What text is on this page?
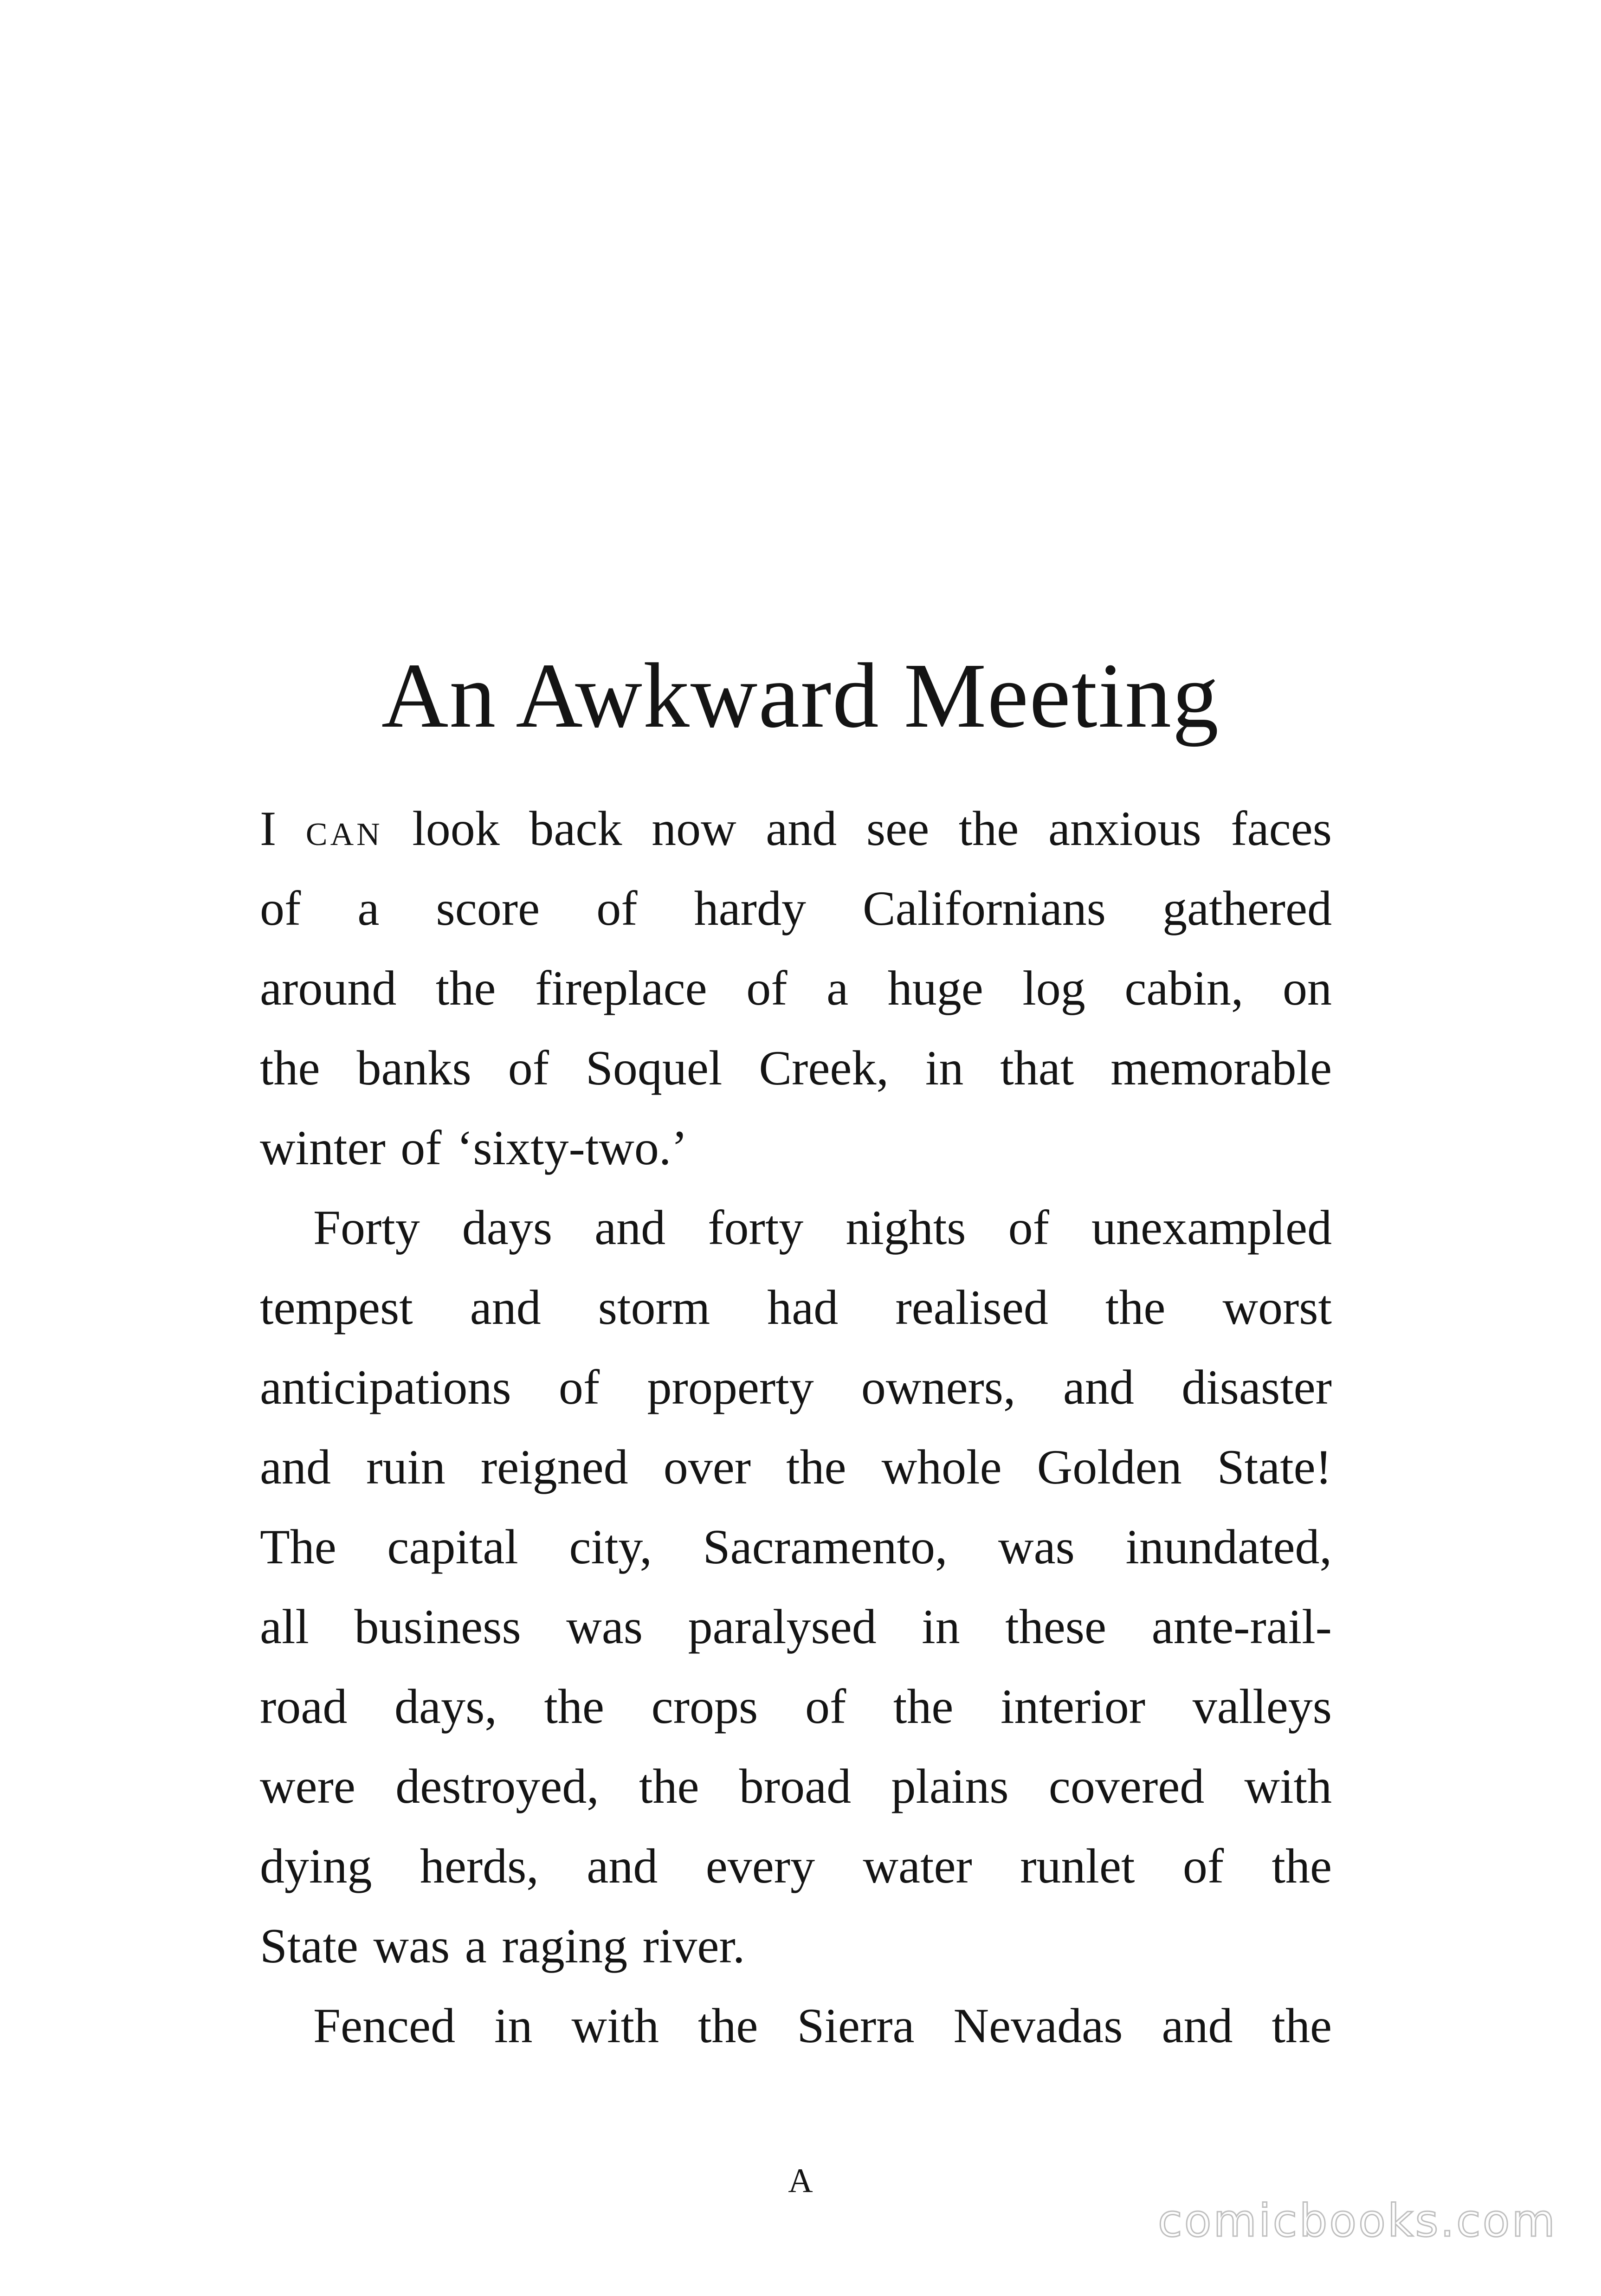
An Awkward Meeting
I CAN look back now and see the anxious faces
of a score of hardy Californians gathered
around the fireplace of a huge log cabin, on
the banks of Soquel Creek, in that memorable
winter of ‘sixty-two.’
Forty days and forty nights of unexampled
tempest and storm had realised the worst
anticipations of property owners, and disaster
and ruin reigned over the whole Golden State!
The capital city, Sacramento, was inundated,
all business was paralysed in these ante-rail-
road days, the crops of the interior valleys
were destroyed, the broad plains covered with
dying herds, and every water runlet of the
State was a raging river.
Fenced in with the Sierra Nevadas and the
A
comicbooks.com
